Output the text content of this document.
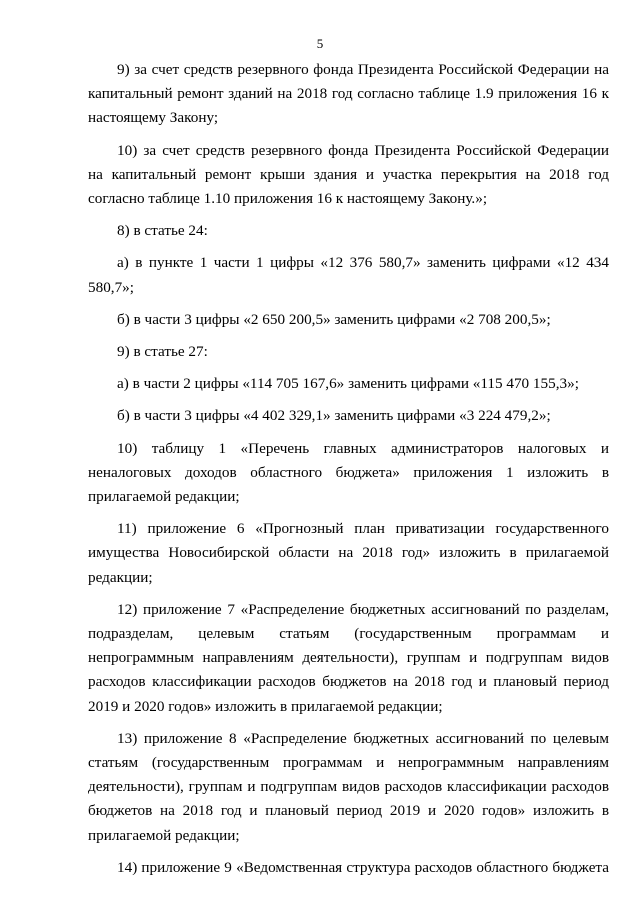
5

9) за счет средств резервного фонда Президента Российской Федерации на капитальный ремонт зданий на 2018 год согласно таблице 1.9 приложения 16 к настоящему Закону;

10) за счет средств резервного фонда Президента Российской Федерации на капитальный ремонт крыши здания и участка перекрытия на 2018 год согласно таблице 1.10 приложения 16 к настоящему Закону.»;

8) в статье 24:

а) в пункте 1 части 1 цифры «12 376 580,7» заменить цифрами «12 434 580,7»;

б) в части 3 цифры «2 650 200,5» заменить цифрами «2 708 200,5»;

9) в статье 27:

а) в части 2 цифры «114 705 167,6» заменить цифрами «115 470 155,3»;

б) в части 3 цифры «4 402 329,1» заменить цифрами «3 224 479,2»;

10) таблицу 1 «Перечень главных администраторов налоговых и неналоговых доходов областного бюджета» приложения 1 изложить в прилагаемой редакции;

11) приложение 6 «Прогнозный план приватизации государственного имущества Новосибирской области на 2018 год» изложить в прилагаемой редакции;

12) приложение 7 «Распределение бюджетных ассигнований по разделам, подразделам, целевым статьям (государственным программам и непрограммным направлениям деятельности), группам и подгруппам видов расходов классификации расходов бюджетов на 2018 год и плановый период 2019 и 2020 годов» изложить в прилагаемой редакции;

13) приложение 8 «Распределение бюджетных ассигнований по целевым статьям (государственным программам и непрограммным направлениям деятельности), группам и подгруппам видов расходов классификации расходов бюджетов на 2018 год и плановый период 2019 и 2020 годов» изложить в прилагаемой редакции;

14) приложение 9 «Ведомственная структура расходов областного бюджета
